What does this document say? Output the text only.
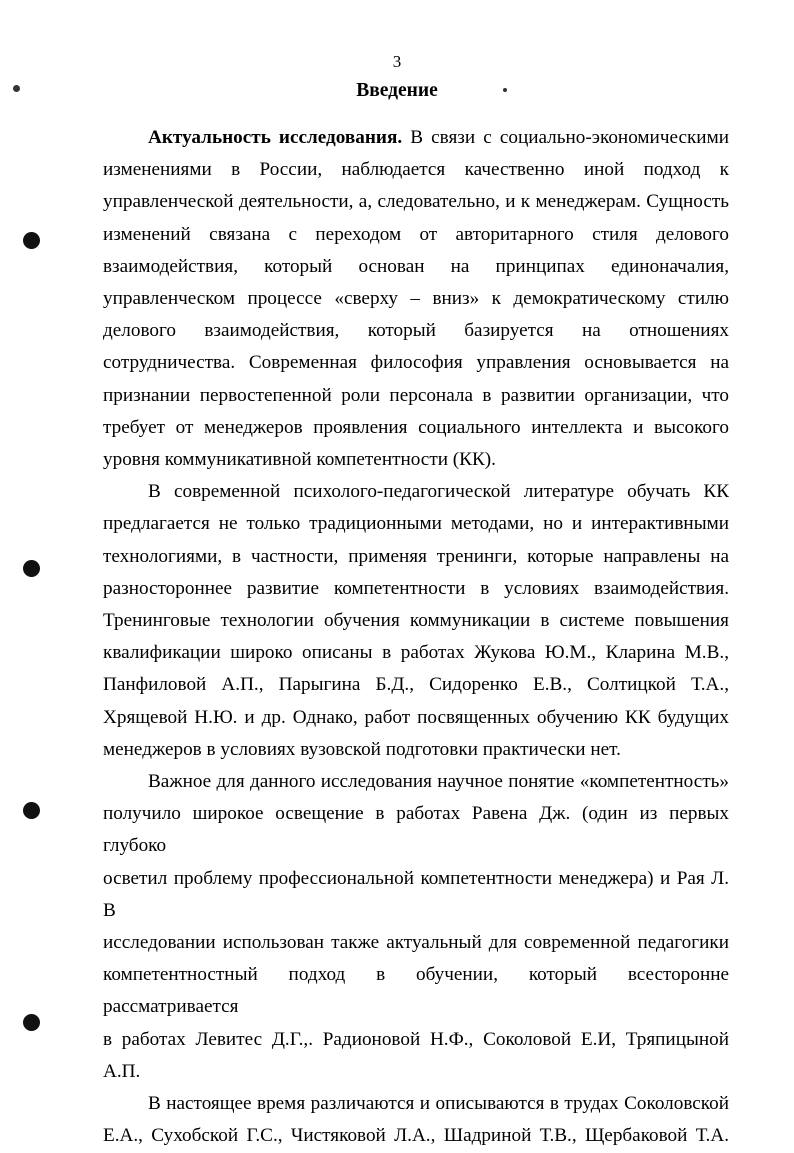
3
Введение
Актуальность исследования. В связи с социально-экономическими
изменениями в России, наблюдается качественно иной подход к
управленческой деятельности, а, следовательно, и к менеджерам. Сущность
изменений связана с переходом от авторитарного стиля делового
взаимодействия, который основан на принципах единоначалия,
управленческом процессе «сверху – вниз» к демократическому стилю
делового взаимодействия, который базируется на отношениях
сотрудничества. Современная философия управления основывается на
признании первостепенной роли персонала в развитии организации, что
требует от менеджеров проявления социального интеллекта и высокого
уровня коммуникативной компетентности (КК).
В современной психолого-педагогической литературе обучать КК
предлагается не только традиционными методами, но и интерактивными
технологиями, в частности, применяя тренинги, которые направлены на
разностороннее развитие компетентности в условиях взаимодействия.
Тренинговые технологии обучения коммуникации в системе повышения
квалификации широко описаны в работах Жукова Ю.М., Кларина М.В.,
Панфиловой А.П., Парыгина Б.Д., Сидоренко Е.В., Солтицкой Т.А.,
Хрящевой Н.Ю. и др. Однако, работ посвященных обучению КК будущих
менеджеров в условиях вузовской подготовки практически нет.
Важное для данного исследования научное понятие «компетентность»
получило широкое освещение в работах Равена Дж. (один из первых глубоко
осветил проблему профессиональной компетентности менеджера) и Рая Л. В
исследовании использован также актуальный для современной педагогики
компетентностный подход в обучении, который всесторонне рассматривается
в работах Левитес Д.Г.,. Радионовой Н.Ф., Соколовой Е.И, Тряпицыной А.П.
В настоящее время различаются и описываются в трудах Соколовской
Е.А., Сухобской Г.С., Чистяковой Л.А., Шадриной Т.В., Щербаковой Т.А.
